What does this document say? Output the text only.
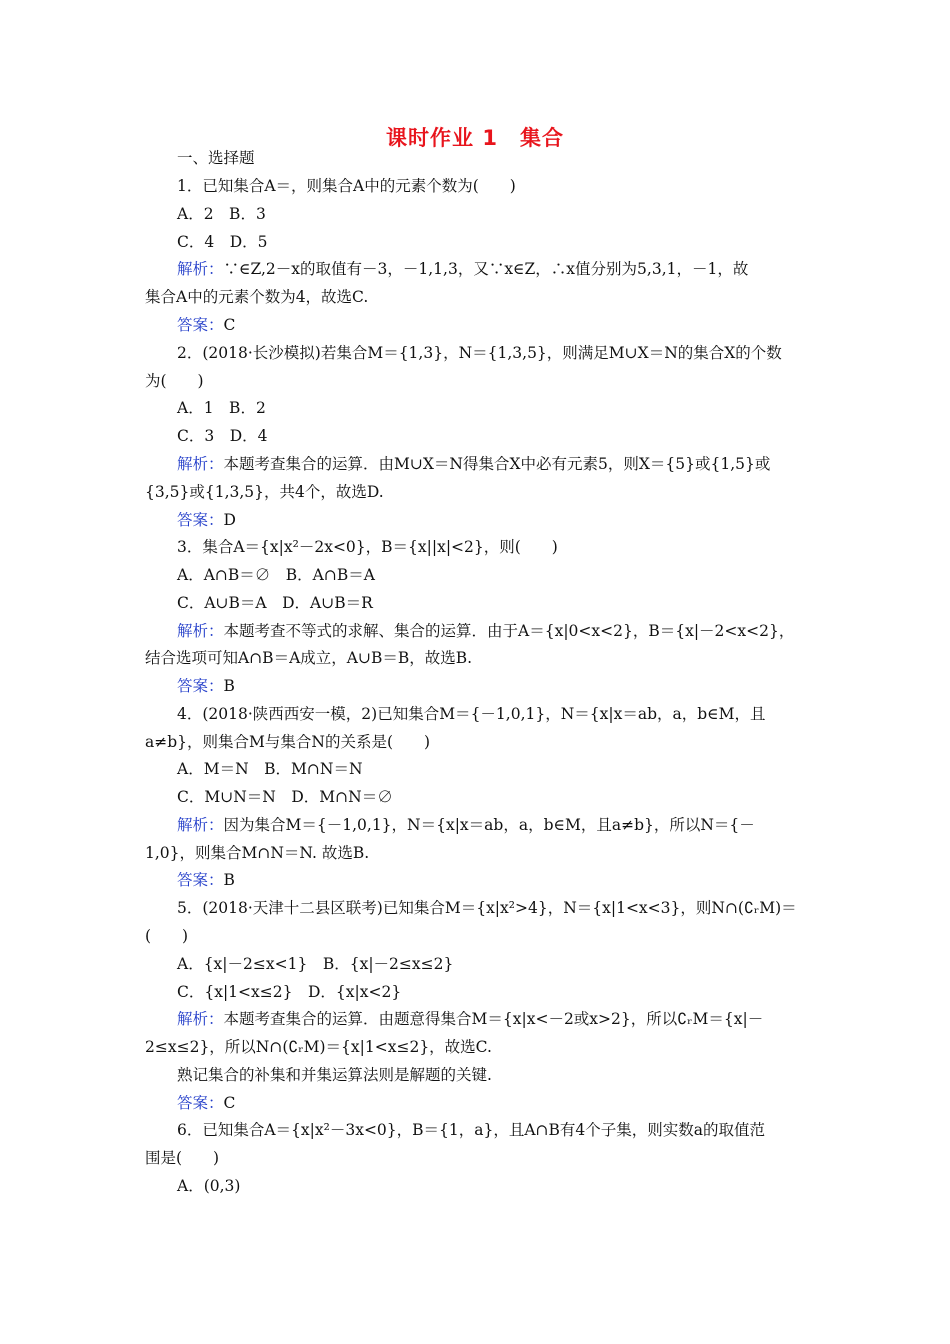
课时作业 1　集合
一、选择题
1．已知集合A＝，则集合A中的元素个数为(　　)
A．2　B．3
C．4　D．5
解析：∵∈Z,2－x的取值有－3，－1,1,3，又∵x∈Z，∴x值分别为5,3,1，－1，故
集合A中的元素个数为4，故选C.
答案：C
2．(2018·长沙模拟)若集合M＝{1,3}，N＝{1,3,5}，则满足M∪X＝N的集合X的个数
为(　　)
A．1　B．2
C．3　D．4
解析：本题考查集合的运算．由M∪X＝N得集合X中必有元素5，则X＝{5}或{1,5}或
{3,5}或{1,3,5}，共4个，故选D.
答案：D
3．集合A＝{x|x²－2x<0}，B＝{x||x|<2}，则(　　)
A．A∩B＝∅　B．A∩B＝A
C．A∪B＝A　D．A∪B＝R
解析：本题考查不等式的求解、集合的运算．由于A＝{x|0<x<2}，B＝{x|－2<x<2}，
结合选项可知A∩B＝A成立，A∪B＝B，故选B.
答案：B
4．(2018·陕西西安一模，2)已知集合M＝{－1,0,1}，N＝{x|x＝ab，a，b∈M，且
a≠b}，则集合M与集合N的关系是(　　)
A．M＝N　B．M∩N＝N
C．M∪N＝N　D．M∩N＝∅
解析：因为集合M＝{－1,0,1}，N＝{x|x＝ab，a，b∈M，且a≠b}，所以N＝{－
1,0}，则集合M∩N＝N. 故选B.
答案：B
5．(2018·天津十二县区联考)已知集合M＝{x|x²>4}，N＝{x|1<x<3}，则N∩(∁ᵣM)＝
(　　)
A．{x|－2≤x<1}　B．{x|－2≤x≤2}
C．{x|1<x≤2}　D．{x|x<2}
解析：本题考查集合的运算．由题意得集合M＝{x|x<－2或x>2}，所以∁ᵣM＝{x|－
2≤x≤2}，所以N∩(∁ᵣM)＝{x|1<x≤2}，故选C.
熟记集合的补集和并集运算法则是解题的关键.
答案：C
6．已知集合A＝{x|x²－3x<0}，B＝{1，a}，且A∩B有4个子集，则实数a的取值范
围是(　　)
A．(0,3)
